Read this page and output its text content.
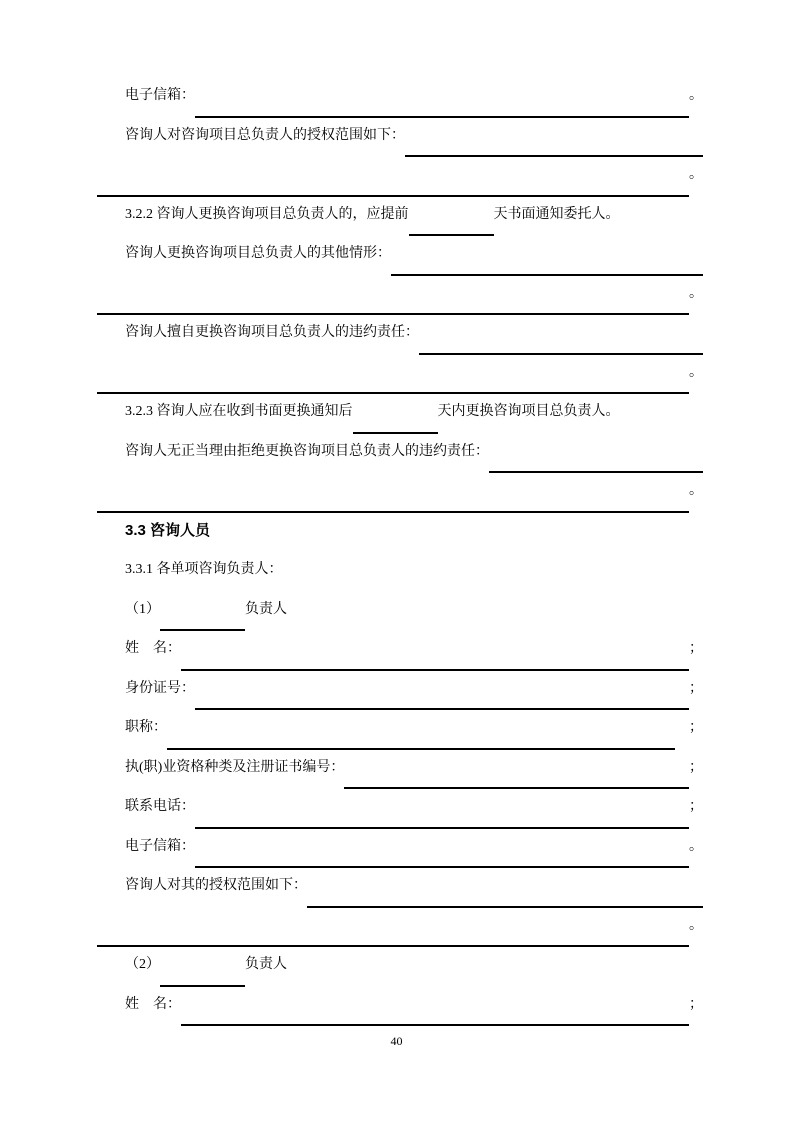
电子信箱： ​	。
咨询人对咨询项目总负责人的授权范围如下：
​
​
。
3.2.2 咨询人更换咨询项目总负责人的，应提前 ​	天书面通知委托人。
咨询人更换咨询项目总负责人的其他情形：
​
​
。
咨询人擅自更换咨询项目总负责人的违约责任：
​
​
。
3.2.3 咨询人应在收到书面更换通知后 ​	天内更换咨询项目总负责人。
咨询人无正当理由拒绝更换咨询项目总负责人的违约责任：
​
​
。
3.3 咨询人员
3.3.1 各单项咨询负责人：
（1） ​	负责人
姓　名： ​	；
身份证号： ​	；
职称： ​	；
执(职)业资格种类及注册证书编号： ​	；
联系电话： ​	；
电子信箱： ​	。
咨询人对其的授权范围如下：
​
​
。
（2） ​	负责人
姓　名： ​	；
40
